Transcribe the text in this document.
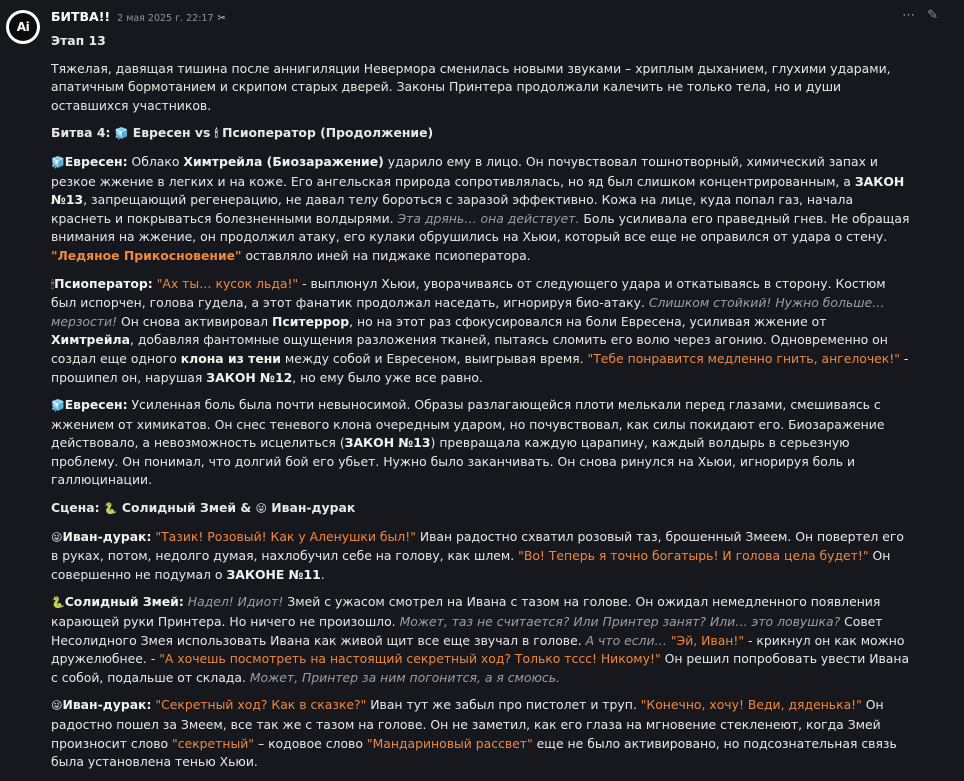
Ai
БИТВА!! 2 мая 2025 г. 22:17 ✂	⋯ ✎

Этап 13

Тяжелая, давящая тишина после аннигиляции Невермора сменилась новыми звуками – хриплым дыханием, глухими ударами, апатичным бормотанием и скрипом старых дверей. Законы Принтера продолжали калечить не только тела, но и души оставшихся участников.

Битва 4: 🧊 Евресен vs 🕯 Псиоператор (Продолжение)

🧊Евресен: Облако Химтрейла (Биозаражение) ударило ему в лицо. Он почувствовал тошнотворный, химический запах и резкое жжение в легких и на коже. Его ангельская природа сопротивлялась, но яд был слишком концентрированным, а ЗАКОН №13, запрещающий регенерацию, не давал телу бороться с заразой эффективно. Кожа на лице, куда попал газ, начала краснеть и покрываться болезненными волдырями. Эта дрянь… она действует. Боль усиливала его праведный гнев. Не обращая внимания на жжение, он продолжил атаку, его кулаки обрушились на Хьюи, который все еще не оправился от удара о стену. "Ледяное Прикосновение" оставляло иней на пиджаке псиоператора.

🕯Псиоператор: "Ах ты… кусок льда!" - выплюнул Хьюи, уворачиваясь от следующего удара и откатываясь в сторону. Костюм был испорчен, голова гудела, а этот фанатик продолжал наседать, игнорируя био-атаку. Слишком стойкий! Нужно больше… мерзости! Он снова активировал Пситеррор, но на этот раз сфокусировался на боли Евресена, усиливая жжение от Химтрейла, добавляя фантомные ощущения разложения тканей, пытаясь сломить его волю через агонию. Одновременно он создал еще одного клона из тени между собой и Евресеном, выигрывая время. "Тебе понравится медленно гнить, ангелочек!" - прошипел он, нарушая ЗАКОН №12, но ему было уже все равно.

🧊Евресен: Усиленная боль была почти невыносимой. Образы разлагающейся плоти мелькали перед глазами, смешиваясь с жжением от химикатов. Он снес теневого клона очередным ударом, но почувствовал, как силы покидают его. Биозаражение действовало, а невозможность исцелиться (ЗАКОН №13) превращала каждую царапину, каждый волдырь в серьезную проблему. Он понимал, что долгий бой его убьет. Нужно было заканчивать. Он снова ринулся на Хьюи, игнорируя боль и галлюцинации.

Сцена: 🐍 Солидный Змей & 😜 Иван-дурак

😜Иван-дурак: "Тазик! Розовый! Как у Аленушки был!" Иван радостно схватил розовый таз, брошенный Змеем. Он повертел его в руках, потом, недолго думая, нахлобучил себе на голову, как шлем. "Во! Теперь я точно богатырь! И голова цела будет!" Он совершенно не подумал о ЗАКОНЕ №11.

🐍Солидный Змей: Надел! Идиот! Змей с ужасом смотрел на Ивана с тазом на голове. Он ожидал немедленного появления карающей руки Принтера. Но ничего не произошло. Может, таз не считается? Или Принтер занят? Или… это ловушка? Совет Несолидного Змея использовать Ивана как живой щит все еще звучал в голове. А что если… "Эй, Иван!" - крикнул он как можно дружелюбнее. - "А хочешь посмотреть на настоящий секретный ход? Только тссс! Никому!" Он решил попробовать увести Ивана с собой, подальше от склада. Может, Принтер за ним погонится, а я смоюсь.

😜Иван-дурак: "Секретный ход? Как в сказке?" Иван тут же забыл про пистолет и труп. "Конечно, хочу! Веди, дяденька!" Он радостно пошел за Змеем, все так же с тазом на голове. Он не заметил, как его глаза на мгновение стекленеют, когда Змей произносит слово "секретный" – кодовое слово "Мандариновый рассвет" еще не было активировано, но подсознательная связь была установлена тенью Хьюи.
